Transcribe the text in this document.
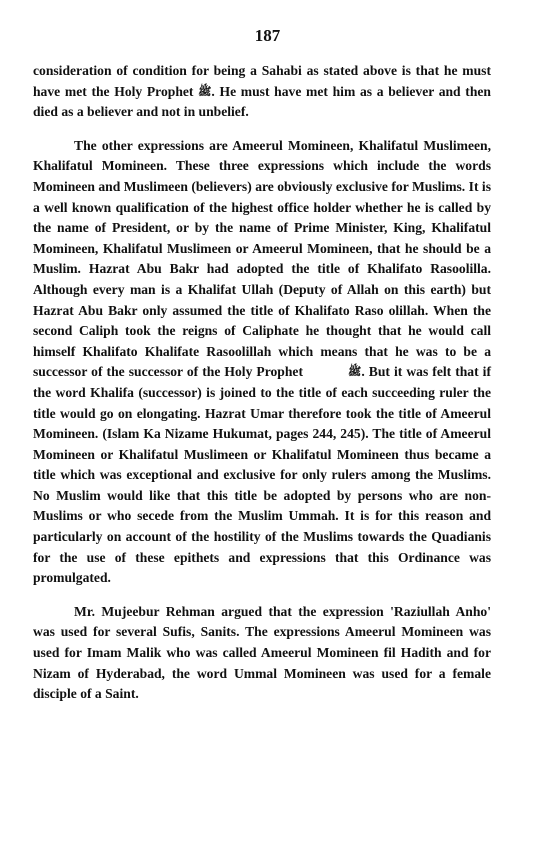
187

consideration of condition for being a Sahabi as stated above is that he must have met the Holy Prophet ﷺ. He must have met him as a believer and then died as a believer and not in unbelief.

The other expressions are Ameerul Momineen, Khalifatul Muslimeen, Khalifatul Momineen. These three expressions which include the words Momineen and Muslimeen (believers) are obviously exclusive for Muslims. It is a well known qualification of the highest office holder whether he is called by the name of President, or by the name of Prime Minister, King, Khalifatul Momineen, Khalifatul Muslimeen or Ameerul Momineen, that he should be a Muslim. Hazrat Abu Bakr had adopted the title of Khalifato Rasoolilla. Although every man is a Khalifat Ullah (Deputy of Allah on this earth) but Hazrat Abu Bakr only assumed the title of Khalifato Raso olillah. When the second Caliph took the reigns of Caliphate he thought that he would call himself Khalifato Khalifate Rasoolillah which means that he was to be a successor of the successor of the Holy Prophet	ﷺ. But it was felt that if the word Khalifa (successor) is joined to the title of each succeeding ruler the title would go on elongating. Hazrat Umar therefore took the title of Ameerul Momineen. (Islam Ka Nizame Hukumat, pages 244, 245). The title of Ameerul Momineen or Khalifatul Muslimeen or Khalifatul Momineen thus became a title which was exceptional and exclusive for only rulers among the Muslims. No Muslim would like that this title be adopted by persons who are non-Muslims or who secede from the Muslim Ummah. It is for this reason and particularly on account of the hostility of the Muslims towards the Quadianis for the use of these epithets and expressions that this Ordinance was promulgated.

Mr. Mujeebur Rehman argued that the expression 'Raziullah Anho' was used for several Sufis, Sanits. The expressions Ameerul Momineen was used for Imam Malik who was called Ameerul Momineen fil Hadith and for Nizam of Hyderabad, the word Ummal Momineen was used for a female disciple of a Saint.
